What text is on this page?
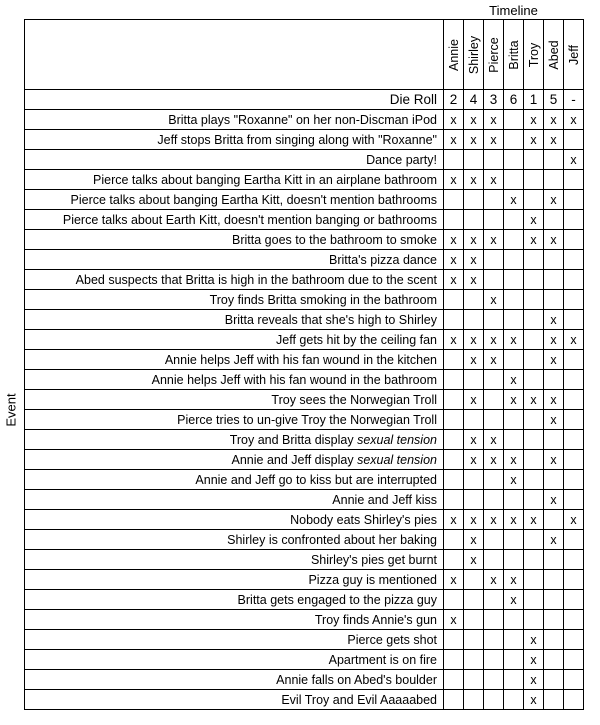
Timeline
Event

	Annie	Shirley	Pierce	Britta	Troy	Abed	Jeff

Die Roll	2	4	3	6	1	5	-
Britta plays "Roxanne" on her non-Discman iPod	x	x	x		x	x	x
Jeff stops Britta from singing along with "Roxanne"	x	x	x		x	x	
Dance party!							x
Pierce talks about banging Eartha Kitt in an airplane bathroom	x	x	x				
Pierce talks about banging Eartha Kitt, doesn't mention bathrooms				x		x	
Pierce talks about Earth Kitt, doesn't mention banging or bathrooms					x		
Britta goes to the bathroom to smoke	x	x	x		x	x	
Britta's pizza dance	x	x					
Abed suspects that Britta is high in the bathroom due to the scent	x	x					
Troy finds Britta smoking in the bathroom			x				
Britta reveals that she's high to Shirley						x	
Jeff gets hit by the ceiling fan	x	x	x	x		x	x
Annie helps Jeff with his fan wound in the kitchen		x	x			x	
Annie helps Jeff with his fan wound in the bathroom				x			
Troy sees the Norwegian Troll		x		x	x	x	
Pierce tries to un-give Troy the Norwegian Troll						x	
Troy and Britta display sexual tension		x	x				
Annie and Jeff display sexual tension		x	x	x		x	
Annie and Jeff go to kiss but are interrupted				x			
Annie and Jeff kiss						x	
Nobody eats Shirley's pies	x	x	x	x	x		x
Shirley is confronted about her baking		x				x	
Shirley's pies get burnt		x					
Pizza guy is mentioned	x		x	x			
Britta gets engaged to the pizza guy				x			
Troy finds Annie's gun	x						
Pierce gets shot					x		
Apartment is on fire					x		
Annie falls on Abed's boulder					x		
Evil Troy and Evil Aaaaabed					x		
